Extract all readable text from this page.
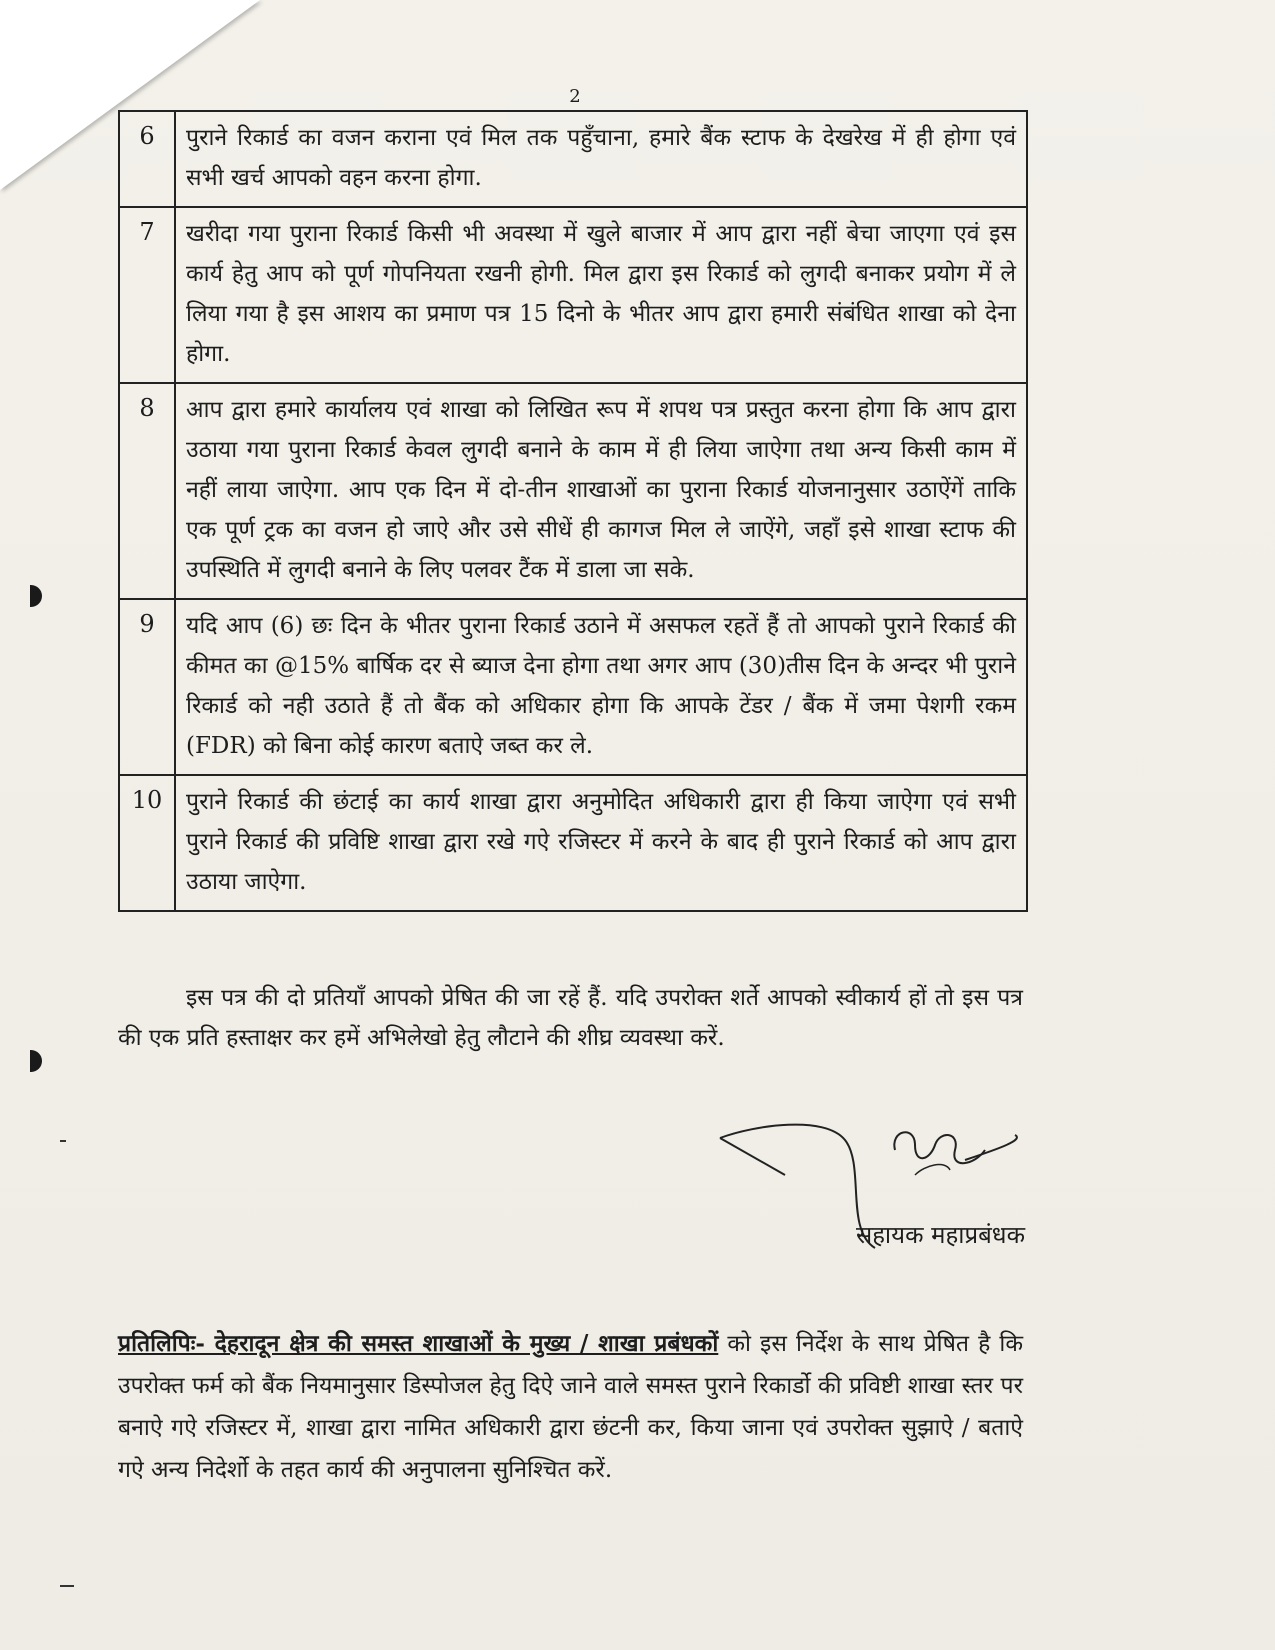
2
6	पुराने रिकार्ड का वजन कराना एवं मिल तक पहुँचाना, हमारे बैंक स्टाफ के देखरेख में ही होगा एवं सभी खर्च आपको वहन करना होगा.
7	खरीदा गया पुराना रिकार्ड किसी भी अवस्था में खुले बाजार में आप द्वारा नहीं बेचा जाएगा एवं इस कार्य हेतु आप को पूर्ण गोपनियता रखनी होगी. मिल द्वारा इस रिकार्ड को लुगदी बनाकर प्रयोग में ले लिया गया है इस आशय का प्रमाण पत्र 15 दिनो के भीतर आप द्वारा हमारी संबंधित शाखा को देना होगा.
8	आप द्वारा हमारे कार्यालय एवं शाखा को लिखित रूप में शपथ पत्र प्रस्तुत करना होगा कि आप द्वारा उठाया गया पुराना रिकार्ड केवल लुगदी बनाने के काम में ही लिया जाऐगा तथा अन्य किसी काम में नहीं लाया जाऐगा. आप एक दिन में दो-तीन शाखाओं का पुराना रिकार्ड योजनानुसार उठाऐंगें ताकि एक पूर्ण ट्रक का वजन हो जाऐ और उसे सीधें ही कागज मिल ले जाऐंगे, जहाँ इसे शाखा स्टाफ की उपस्थिति में लुगदी बनाने के लिए पलवर टैंक में डाला जा सके.
9	यदि आप (6) छः दिन के भीतर पुराना रिकार्ड उठाने में असफल रहतें हैं तो आपको पुराने रिकार्ड की कीमत का @15% बार्षिक दर से ब्याज देना होगा तथा अगर आप (30)तीस दिन के अन्दर भी पुराने रिकार्ड को नही उठाते हैं तो बैंक को अधिकार होगा कि आपके टेंडर / बैंक में जमा पेशगी रकम (FDR) को बिना कोई कारण बताऐ जब्त कर ले.
10	पुराने रिकार्ड की छंटाई का कार्य शाखा द्वारा अनुमोदित अधिकारी द्वारा ही किया जाऐगा एवं सभी पुराने रिकार्ड की प्रविष्टि शाखा द्वारा रखे गऐ रजिस्टर में करने के बाद ही पुराने रिकार्ड को आप द्वारा उठाया जाऐगा.

इस पत्र की दो प्रतियाँ आपको प्रेषित की जा रहें हैं. यदि उपरोक्त शर्ते आपको स्वीकार्य हों तो इस पत्र की एक प्रति हस्ताक्षर कर हमें अभिलेखो हेतु लौटाने की शीघ्र व्यवस्था करें.

सहायक महाप्रबंधक

प्रतिलिपिः- देहरादून क्षेत्र की समस्त शाखाओं के मुख्य / शाखा प्रबंधकों को इस निर्देश के साथ प्रेषित है कि उपरोक्त फर्म को बैंक नियमानुसार डिस्पोजल हेतु दिऐ जाने वाले समस्त पुराने रिकार्डो की प्रविष्टी शाखा स्तर पर बनाऐ गऐ रजिस्टर में, शाखा द्वारा नामित अधिकारी द्वारा छंटनी कर, किया जाना एवं उपरोक्त सुझाऐ / बताऐ गऐ अन्य निदेर्शो के तहत कार्य की अनुपालना सुनिश्चित करें.
